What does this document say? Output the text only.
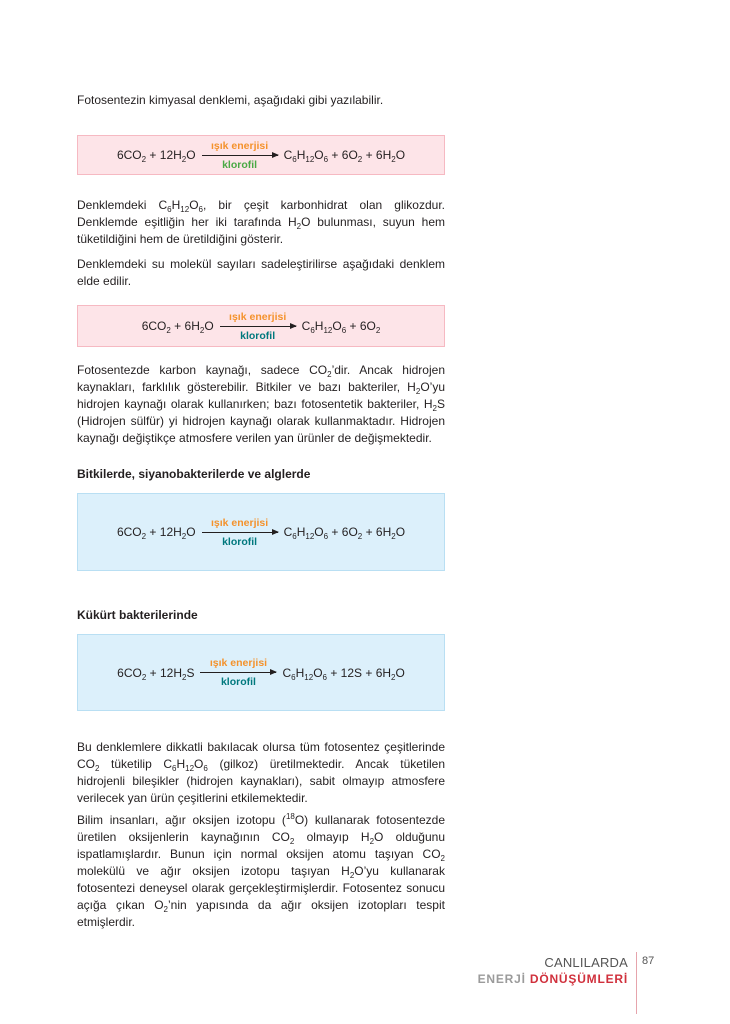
Fotosentezin kimyasal denklemi, aşağıdaki gibi yazılabilir.

$6CO_2 + 12H_2O$
ışık enerjisi
klorofil
$C_6H_{12}O_6 + 6O_2 + 6H_2O$

Denklemdeki $C_6H_{12}O_6$, bir çeşit karbonhidrat olan glikozdur. Denklemde eşitliğin her iki tarafında $H_2O$ bulunması, suyun hem tüketildiğini hem de üretildiğini gösterir.

Denklemdeki su molekül sayıları sadeleştirilirse aşağıdaki denklem elde edilir.

$6CO_2 + 6H_2O$
ışık enerjisi
klorofil
$C_6H_{12}O_6 + 6O_2$

Fotosentezde karbon kaynağı, sadece $CO_2’dir$. Ancak hidrojen kaynakları, farklılık gösterebilir. Bitkiler ve bazı bakteriler, $H_2O’yu$ hidrojen kaynağı olarak kullanırken; bazı fotosentetik bakteriler, $H_2S$ (Hidrojen sülfür) yi hidrojen kaynağı olarak kullanmaktadır. Hidrojen kaynağı değiştikçe atmosfere verilen yan ürünler de değişmektedir.

Bitkilerde, siyanobakterilerde ve alglerde

$6CO_2 + 12H_2O$
ışık enerjisi
klorofil
$C_6H_{12}O_6 + 6O_2 + 6H_2O$

Kükürt bakterilerinde

$6CO_2 + 12H_2S$
ışık enerjisi
klorofil
$C_6H_{12}O_6 + 12S + 6H_2O$

Bu denklemlere dikkatli bakılacak olursa tüm fotosentez çeşitlerinde $CO_2$ tüketilip $C_6H_{12}O_6$ (gilkoz) üretilmektedir. Ancak tüketilen hidrojenli bileşikler (hidrojen kaynakları), sabit olmayıp atmosfere verilecek yan ürün çeşitlerini etkilemektedir.

Bilim insanları, ağır oksijen izotopu ($^{18}$O) kullanarak fotosentezde üretilen oksijenlerin kaynağının $CO_2$ olmayıp $H_2O$ olduğunu ispatlamışlardır. Bunun için normal oksijen atomu taşıyan $CO_2$ molekülü ve ağır oksijen izotopu taşıyan $H_2O’yu$ kullanarak fotosentezi deneysel olarak gerçekleştirmişlerdir. Fotosentez sonucu açığa çıkan $O_2’nin$ yapısında da ağır oksijen izotopları tespit etmişlerdir.

CANLILARDA
ENERJİ DÖNÜŞÜMLERİ
87
